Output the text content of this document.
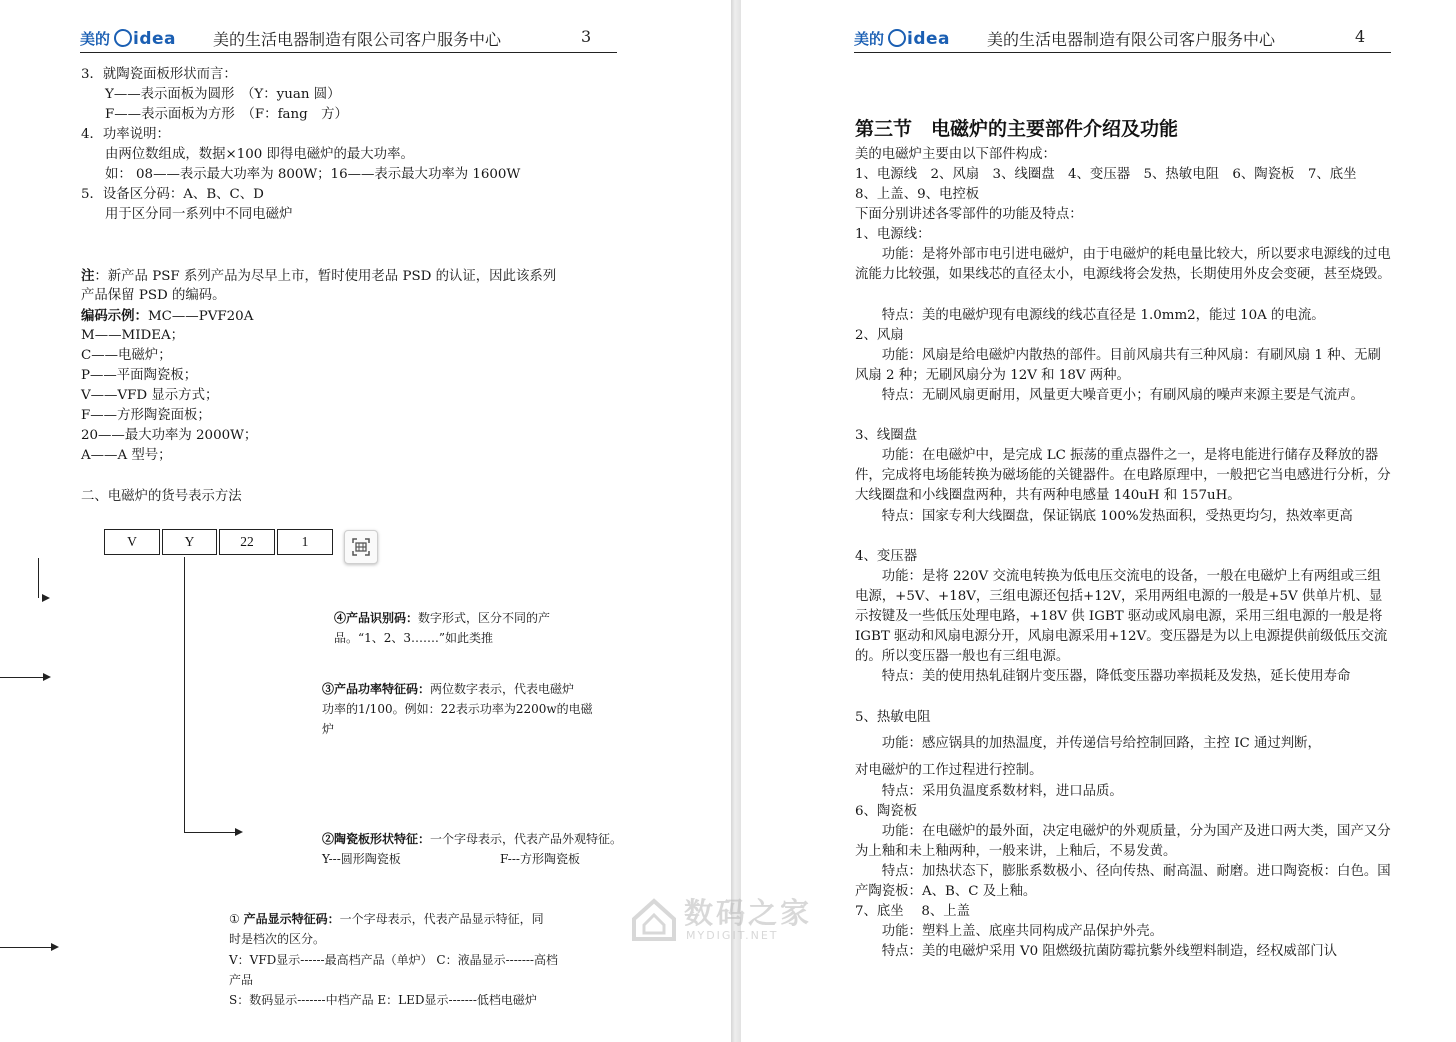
美的 idea 美的生活电器制造有限公司客户服务中心	3
3．就陶瓷面板形状而言：
Y——表示面板为圆形　（Y：yuan 圆）
F——表示面板为方形　（F：fang　方）
4．功率说明：
由两位数组成，数据×100 即得电磁炉的最大功率。
如： 08——表示最大功率为 800W；16——表示最大功率为 1600W
5．设备区分码：A、B、C、D
用于区分同一系列中不同电磁炉
注：新产品 PSF 系列产品为尽早上市，暂时使用老品 PSD 的认证，因此该系列
产品保留 PSD 的编码。
编码示例：MC——PVF20A
M——MIDEA；
C——电磁炉；
P——平面陶瓷板；
V——VFD 显示方式；
F——方形陶瓷面板；
20——最大功率为 2000W；
A——A 型号；
二、电磁炉的货号表示方法
V	Y	22	1
④产品识别码：数字形式，区分不同的产
品。“1、2、3…….”如此类推
③产品功率特征码：两位数字表示，代表电磁炉
功率的1/100。例如：22表示功率为2200w的电磁
炉
②陶瓷板形状特征：一个字母表示，代表产品外观特征。
Y---圆形陶瓷板	F---方形陶瓷板
① 产品显示特征码：一个字母表示，代表产品显示特征，同
时是档次的区分。
V：VFD显示------最高档产品（单炉） C：液晶显示-------高档
产品
S：数码显示-------中档产品 E：LED显示-------低档电磁炉
美的 idea 美的生活电器制造有限公司客户服务中心	4
第三节　电磁炉的主要部件介绍及功能
美的电磁炉主要由以下部件构成：
1、电源线　2、风扇　3、线圈盘　4、变压器　5、热敏电阻　6、陶瓷板　7、底坐　 8、上盖、9、电控板
下面分别讲述各零部件的功能及特点：
1、电源线：
　　功能：是将外部市电引进电磁炉，由于电磁炉的耗电量比较大，所以要求电源线的过电流能力比较强，如果线芯的直径太小，电源线将会发热，长期使用外皮会变硬，甚至烧毁。
　　特点：美的电磁炉现有电源线的线芯直径是 1.0mm2，能过 10A 的电流。
2、风扇
　　功能：风扇是给电磁炉内散热的部件。目前风扇共有三种风扇：有刷风扇 1 种、无刷风扇 2 种；无刷风扇分为 12V 和 18V 两种。
　　特点：无刷风扇更耐用，风量更大噪音更小；有刷风扇的噪声来源主要是气流声。
3、线圈盘
　　功能：在电磁炉中，是完成 LC 振荡的重点器件之一，是将电能进行储存及释放的器件，完成将电场能转换为磁场能的关键器件。在电路原理中，一般把它当电感进行分析，分大线圈盘和小线圈盘两种，共有两种电感量 140uH 和 157uH。
　　特点：国家专利大线圈盘，保证锅底 100%发热面积，受热更均匀，热效率更高
4、变压器
　　功能：是将 220V 交流电转换为低电压交流电的设备，一般在电磁炉上有两组或三组电源，+5V、+18V，三组电源还包括+12V，采用两组电源的一般是+5V 供单片机、显示按键及一些低压处理电路，+18V 供 IGBT 驱动或风扇电源，采用三组电源的一般是将 IGBT 驱动和风扇电源分开，风扇电源采用+12V。变压器是为以上电源提供前级低压交流的。所以变压器一般也有三组电源。
　　特点：美的使用热轧硅钢片变压器，降低变压器功率损耗及发热，延长使用寿命
5、热敏电阻
　　功能：感应锅具的加热温度，并传递信号给控制回路，主控 IC 通过判断，
对电磁炉的工作过程进行控制。
　　特点：采用负温度系数材料，进口品质。
6、陶瓷板
　　功能：在电磁炉的最外面，决定电磁炉的外观质量，分为国产及进口两大类，国产又分为上釉和未上釉两种，一般来讲，上釉后，不易发黄。
　　特点：加热状态下，膨胀系数极小、径向传热、耐高温、耐磨。进口陶瓷板：白色。国产陶瓷板：A、B、C 及上釉。
7、底坐　 8、上盖
　　功能：塑料上盖、底座共同构成产品保护外壳。
　　特点：美的电磁炉采用 V0 阻燃级抗菌防霉抗紫外线塑料制造，经权威部门认
数码之家
MYDIGIT.NET
